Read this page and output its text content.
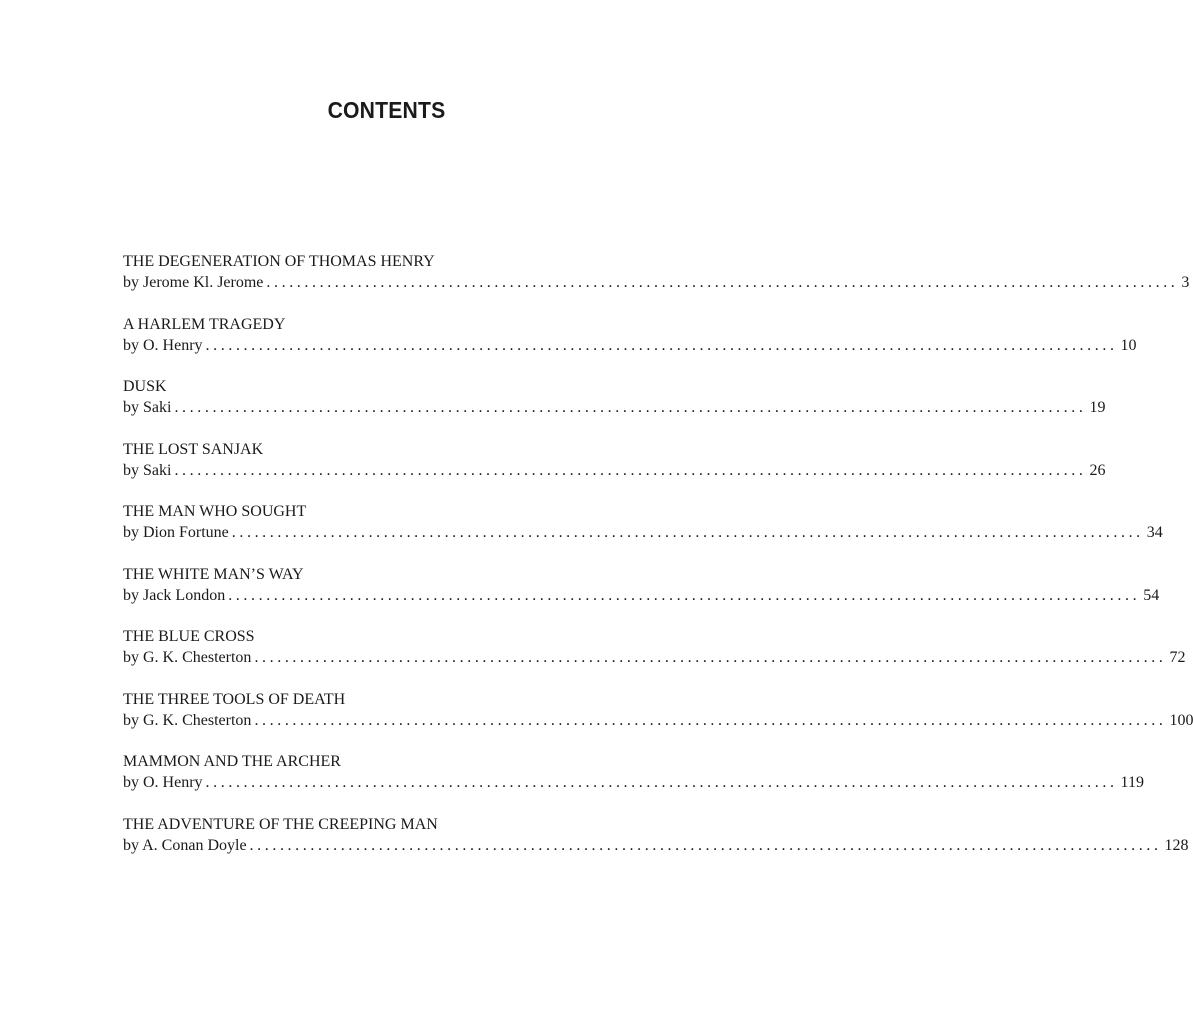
CONTENTS
THE DEGENERATION OF THOMAS HENRY
by Jerome Kl. Jerome ........................................................................................................................ 3
A HARLEM TRAGEDY
by O. Henry ........................................................................................................................ 10
DUSK
by Saki ........................................................................................................................ 19
THE LOST SANJAK
by Saki ........................................................................................................................ 26
THE MAN WHO SOUGHT
by Dion Fortune ........................................................................................................................ 34
THE WHITE MAN’S WAY
by Jack London ........................................................................................................................ 54
THE BLUE CROSS
by G. K. Chesterton ........................................................................................................................ 72
THE THREE TOOLS OF DEATH
by G. K. Chesterton ........................................................................................................................ 100
MAMMON AND THE ARCHER
by O. Henry ........................................................................................................................ 119
THE ADVENTURE OF THE CREEPING MAN
by A. Conan Doyle ........................................................................................................................ 128
